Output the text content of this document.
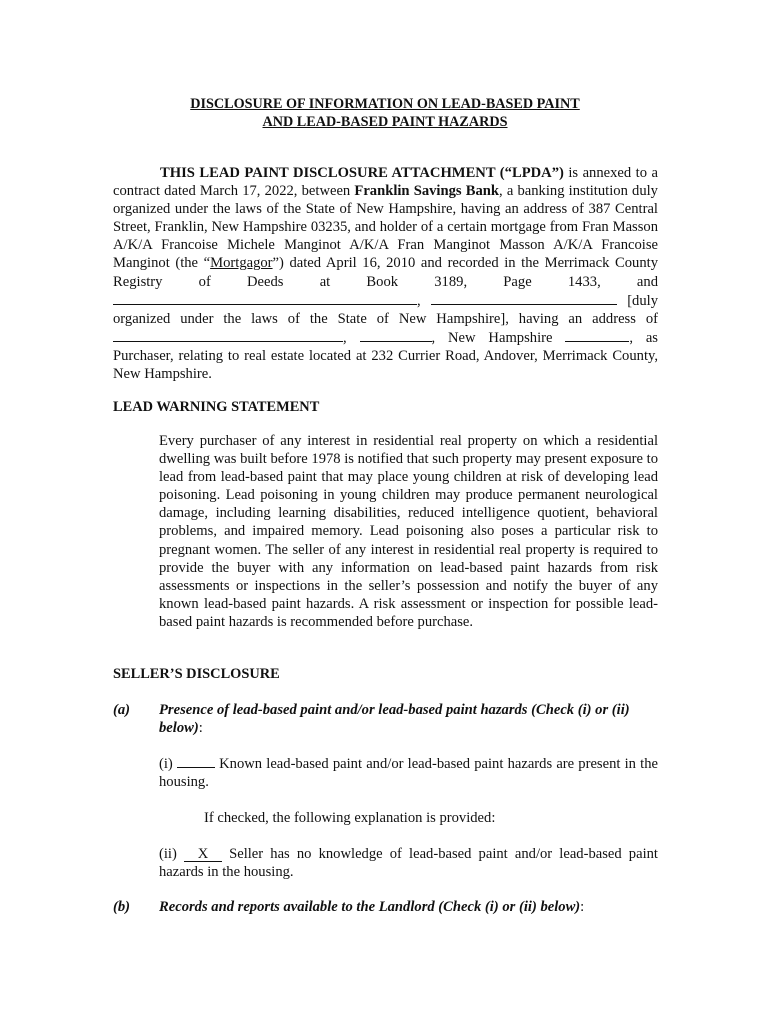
DISCLOSURE OF INFORMATION ON LEAD-BASED PAINT
AND LEAD-BASED PAINT HAZARDS
THIS LEAD PAINT DISCLOSURE ATTACHMENT (“LPDA”) is annexed to a contract dated March 17, 2022, between Franklin Savings Bank, a banking institution duly organized under the laws of the State of New Hampshire, having an address of 387 Central Street, Franklin, New Hampshire 03235, and holder of a certain mortgage from Fran Masson A/K/A Francoise Michele Manginot A/K/A Fran Manginot Masson A/K/A Francoise Manginot (the “Mortgagor”) dated April 16, 2010 and recorded in the Merrimack County Registry of Deeds at Book 3189, Page 1433, and ,	[duly organized under the laws of the State of New Hampshire], having an address of ,	, New Hampshire	, as Purchaser, relating to real estate located at 232 Currier Road, Andover, Merrimack County, New Hampshire.
LEAD WARNING STATEMENT
Every purchaser of any interest in residential real property on which a residential dwelling was built before 1978 is notified that such property may present exposure to lead from lead-based paint that may place young children at risk of developing lead poisoning. Lead poisoning in young children may produce permanent neurological damage, including learning disabilities, reduced intelligence quotient, behavioral problems, and impaired memory. Lead poisoning also poses a particular risk to pregnant women. The seller of any interest in residential real property is required to provide the buyer with any information on lead-based paint hazards from risk assessments or inspections in the seller’s possession and notify the buyer of any known lead-based paint hazards. A risk assessment or inspection for possible lead-based paint hazards is recommended before purchase.
SELLER’S DISCLOSURE
(a) Presence of lead-based paint and/or lead-based paint hazards (Check (i) or (ii) below):
(i)	Known lead-based paint and/or lead-based paint hazards are present in the housing.
If checked, the following explanation is provided:
(ii) X Seller has no knowledge of lead-based paint and/or lead-based paint hazards in the housing.
(b) Records and reports available to the Landlord (Check (i) or (ii) below):
